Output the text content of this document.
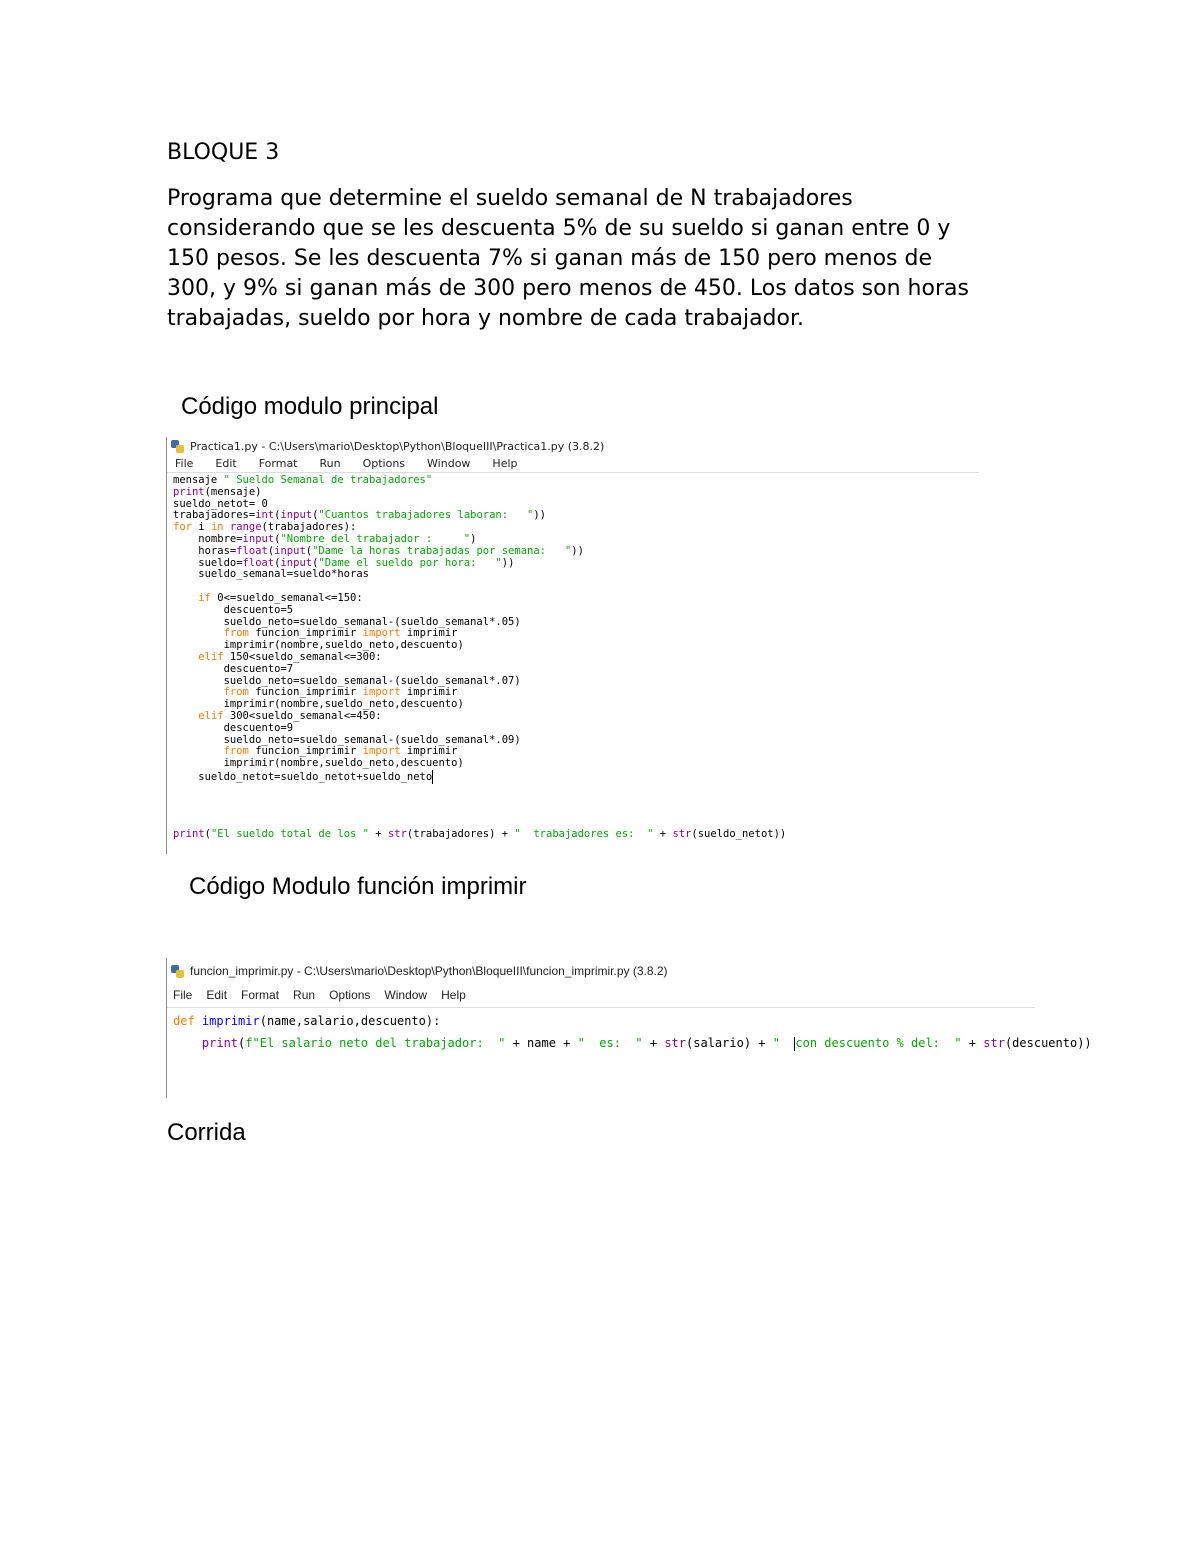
BLOQUE 3
Programa que determine el sueldo semanal de N trabajadores
considerando que se les descuenta 5% de su sueldo si ganan entre 0 y
150 pesos. Se les descuenta 7% si ganan más de 150 pero menos de
300, y 9% si ganan más de 300 pero menos de 450. Los datos son horas
trabajadas, sueldo por hora y nombre de cada trabajador.
Código modulo principal
Practica1.py - C:\Users\mario\Desktop\Python\BloqueIII\Practica1.py (3.8.2)
File Edit Format Run Options Window Help
mensaje " Sueldo Semanal de trabajadores"
print(mensaje)
sueldo_netot= 0
trabajadores=int(input("Cuantos trabajadores laboran:   "))
for i in range(trabajadores):
nombre=input("Nombre del trabajador :     ")
horas=float(input("Dame la horas trabajadas por semana:   "))
sueldo=float(input("Dame el sueldo por hora:   "))
sueldo_semanal=sueldo*horas
if 0<=sueldo_semanal<=150:
descuento=5
sueldo_neto=sueldo_semanal-(sueldo_semanal*.05)
from funcion_imprimir import imprimir
imprimir(nombre,sueldo_neto,descuento)
elif 150<sueldo_semanal<=300:
descuento=7
sueldo_neto=sueldo_semanal-(sueldo_semanal*.07)
from funcion_imprimir import imprimir
imprimir(nombre,sueldo_neto,descuento)
elif 300<sueldo_semanal<=450:
descuento=9
sueldo_neto=sueldo_semanal-(sueldo_semanal*.09)
from funcion_imprimir import imprimir
imprimir(nombre,sueldo_neto,descuento)
sueldo_netot=sueldo_netot+sueldo_neto
print("El sueldo total de los " + str(trabajadores) + "  trabajadores es:  " + str(sueldo_netot))
Código Modulo función imprimir
funcion_imprimir.py - C:\Users\mario\Desktop\Python\BloqueIII\funcion_imprimir.py (3.8.2)
File Edit Format Run Options Window Help
def imprimir(name,salario,descuento):
print(f"El salario neto del trabajador:  " + name + "  es:  " + str(salario) + "  con descuento % del:  " + str(descuento))
Corrida
